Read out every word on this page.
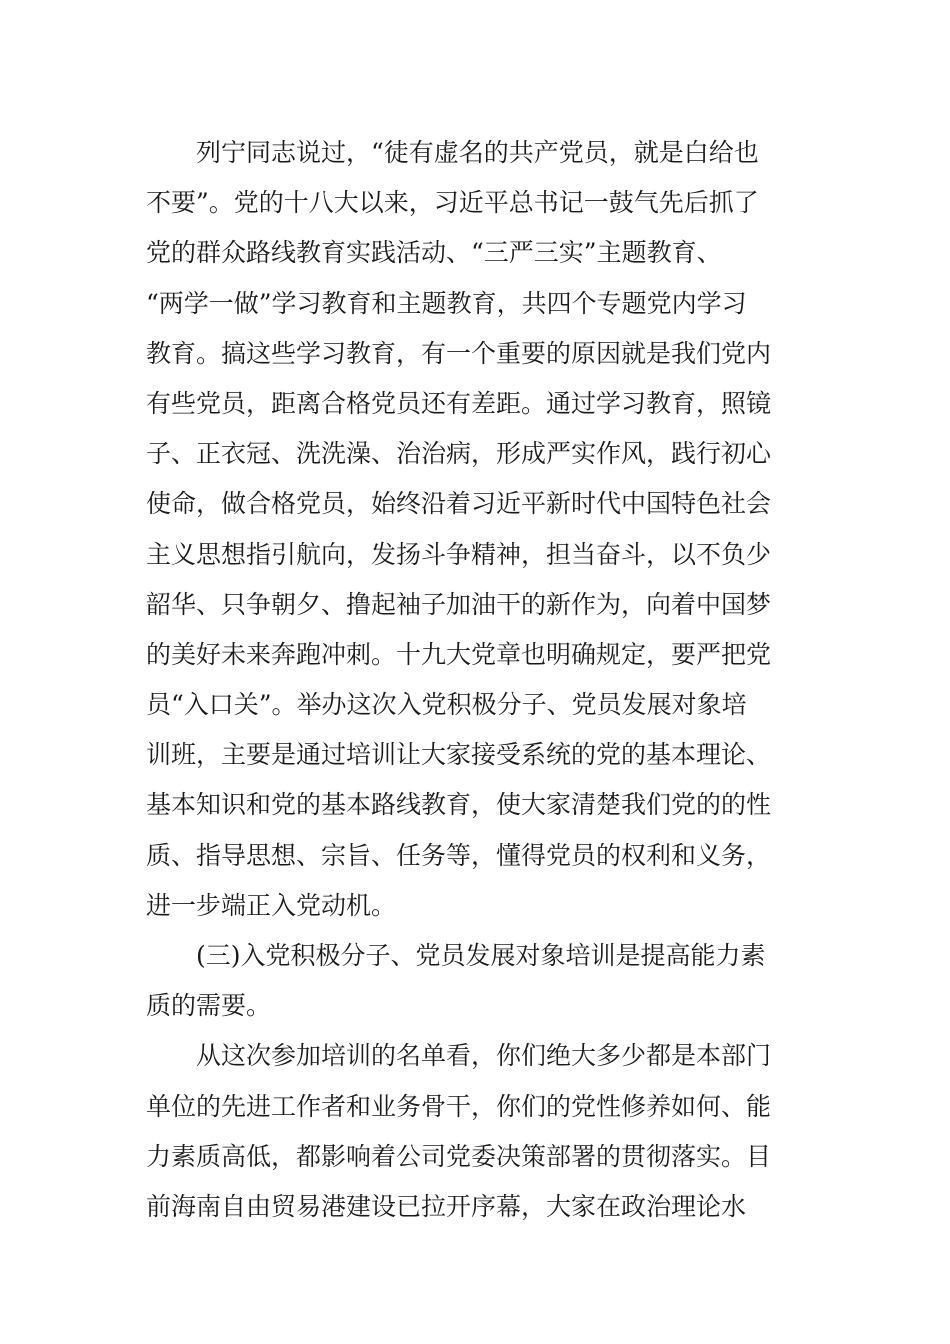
列宁同志说过，“徒有虚名的共产党员，就是白给也
不要”。党的十八大以来，习近平总书记一鼓气先后抓了
党的群众路线教育实践活动、“三严三实”主题教育、
“两学一做”学习教育和主题教育，共四个专题党内学习
教育。搞这些学习教育，有一个重要的原因就是我们党内
有些党员，距离合格党员还有差距。通过学习教育，照镜
子、正衣冠、洗洗澡、治治病，形成严实作风，践行初心
使命，做合格党员，始终沿着习近平新时代中国特色社会
主义思想指引航向，发扬斗争精神，担当奋斗，以不负少
韶华、只争朝夕、撸起袖子加油干的新作为，向着中国梦
的美好未来奔跑冲刺。十九大党章也明确规定，要严把党
员“入口关”。举办这次入党积极分子、党员发展对象培
训班，主要是通过培训让大家接受系统的党的基本理论、
基本知识和党的基本路线教育，使大家清楚我们党的的性
质、指导思想、宗旨、任务等，懂得党员的权利和义务，
进一步端正入党动机。
(三)入党积极分子、党员发展对象培训是提高能力素
质的需要。
从这次参加培训的名单看，你们绝大多少都是本部门
单位的先进工作者和业务骨干，你们的党性修养如何、能
力素质高低，都影响着公司党委决策部署的贯彻落实。目
前海南自由贸易港建设已拉开序幕，大家在政治理论水
